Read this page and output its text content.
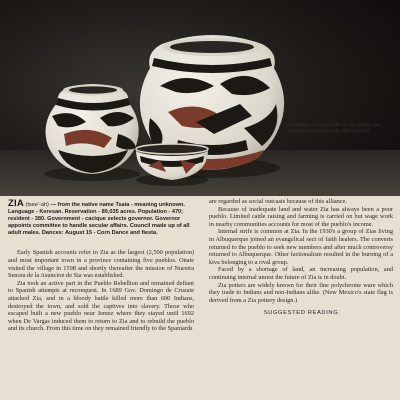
Zia pottery, recognized for its fine quality, has always been popular with other pueblos.

ZIA (tsee'-ah) — from the native name Tsaia - meaning unknown. Language - Keresan. Reservation - 89,035 acres. Population - 470; resident - 380. Government - cacique selects governor. Governor appoints committee to handle secular affairs. Council made up of all adult males. Dances: August 15 - Corn Dance and fiesta.

Early Spanish accounts refer to Zia as the largest (2,500 population) and most important town in a province containing five pueblos. Onate visited the village in 1598 and shortly thereafter the mission of Nuestra Senora de la Asuncion de Sia was established.

Zia took an active part in the Pueblo Rebellion and remained defiant to Spanish attempts at reconquest. In 1689 Gov. Domingo de Cruzate attacked Zia, and in a bloody battle killed more than 600 Indians, destroyed the town, and sold the captives into slavery. Those who escaped built a new pueblo near Jemez where they stayed until 1692 when De Vargas induced them to return to Zia and to rebuild the pueblo and its church. From this time on they remained friendly to the Spaniards

are regarded as social outcasts because of this alliance.

Because of inadequate land and water Zia has always been a poor pueblo. Limited cattle raising and farming is carried on but wage work in nearby communities accounts for most of the pueblo's income.

Internal strife is common at Zia. In the 1930's a group of Zias living in Albuquerque joined an evangelical sect of faith healers. The converts returned to the pueblo to seek new members and after much controversy returned to Albuquerque. Other factionalism resulted in the burning of a kiva belonging to a rival group.

Faced by a shortage of land, an increasing population, and continuing internal unrest the future of Zia is in doubt.

Zia potters are widely known for their fine polychrome ware which they trade to Indians and non-Indians alike. (New Mexico's state flag is derived from a Zia pottery design.)

SUGGESTED READING
